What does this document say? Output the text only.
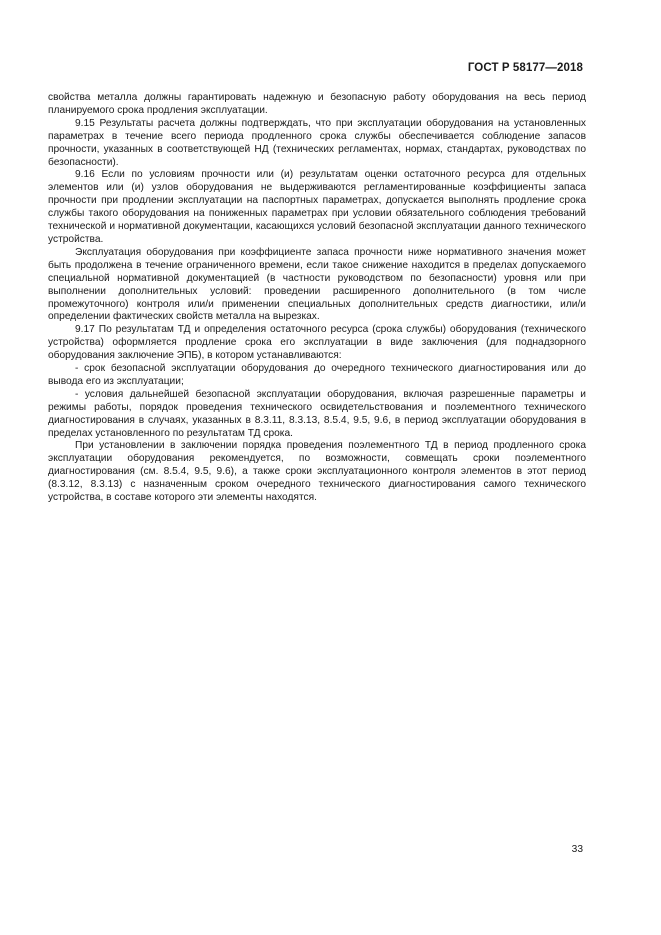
ГОСТ Р 58177—2018

свойства металла должны гарантировать надежную и безопасную работу оборудования на весь период планируемого срока продления эксплуатации.

9.15 Результаты расчета должны подтверждать, что при эксплуатации оборудования на установленных параметрах в течение всего периода продленного срока службы обеспечивается соблюдение запасов прочности, указанных в соответствующей НД (технических регламентах, нормах, стандартах, руководствах по безопасности).

9.16 Если по условиям прочности или (и) результатам оценки остаточного ресурса для отдельных элементов или (и) узлов оборудования не выдерживаются регламентированные коэффициенты запаса прочности при продлении эксплуатации на паспортных параметрах, допускается выполнять продление срока службы такого оборудования на пониженных параметрах при условии обязательного соблюдения требований технической и нормативной документации, касающихся условий безопасной эксплуатации данного технического устройства.

Эксплуатация оборудования при коэффициенте запаса прочности ниже нормативного значения может быть продолжена в течение ограниченного времени, если такое снижение находится в пределах допускаемого специальной нормативной документацией (в частности руководством по безопасности) уровня или при выполнении дополнительных условий: проведении расширенного дополнительного (в том числе промежуточного) контроля или/и применении специальных дополнительных средств диагностики, или/и определении фактических свойств металла на вырезках.

9.17 По результатам ТД и определения остаточного ресурса (срока службы) оборудования (технического устройства) оформляется продление срока его эксплуатации в виде заключения (для поднадзорного оборудования заключение ЭПБ), в котором устанавливаются:

- срок безопасной эксплуатации оборудования до очередного технического диагностирования или до вывода его из эксплуатации;

- условия дальнейшей безопасной эксплуатации оборудования, включая разрешенные параметры и режимы работы, порядок проведения технического освидетельствования и поэлементного технического диагностирования в случаях, указанных в 8.3.11, 8.3.13, 8.5.4, 9.5, 9.6, в период эксплуатации оборудования в пределах установленного по результатам ТД срока.

При установлении в заключении порядка проведения поэлементного ТД в период продленного срока эксплуатации оборудования рекомендуется, по возможности, совмещать сроки поэлементного диагностирования (см. 8.5.4, 9.5, 9.6), а также сроки эксплуатационного контроля элементов в этот период (8.3.12, 8.3.13) с назначенным сроком очередного технического диагностирования самого технического устройства, в составе которого эти элементы находятся.

33
